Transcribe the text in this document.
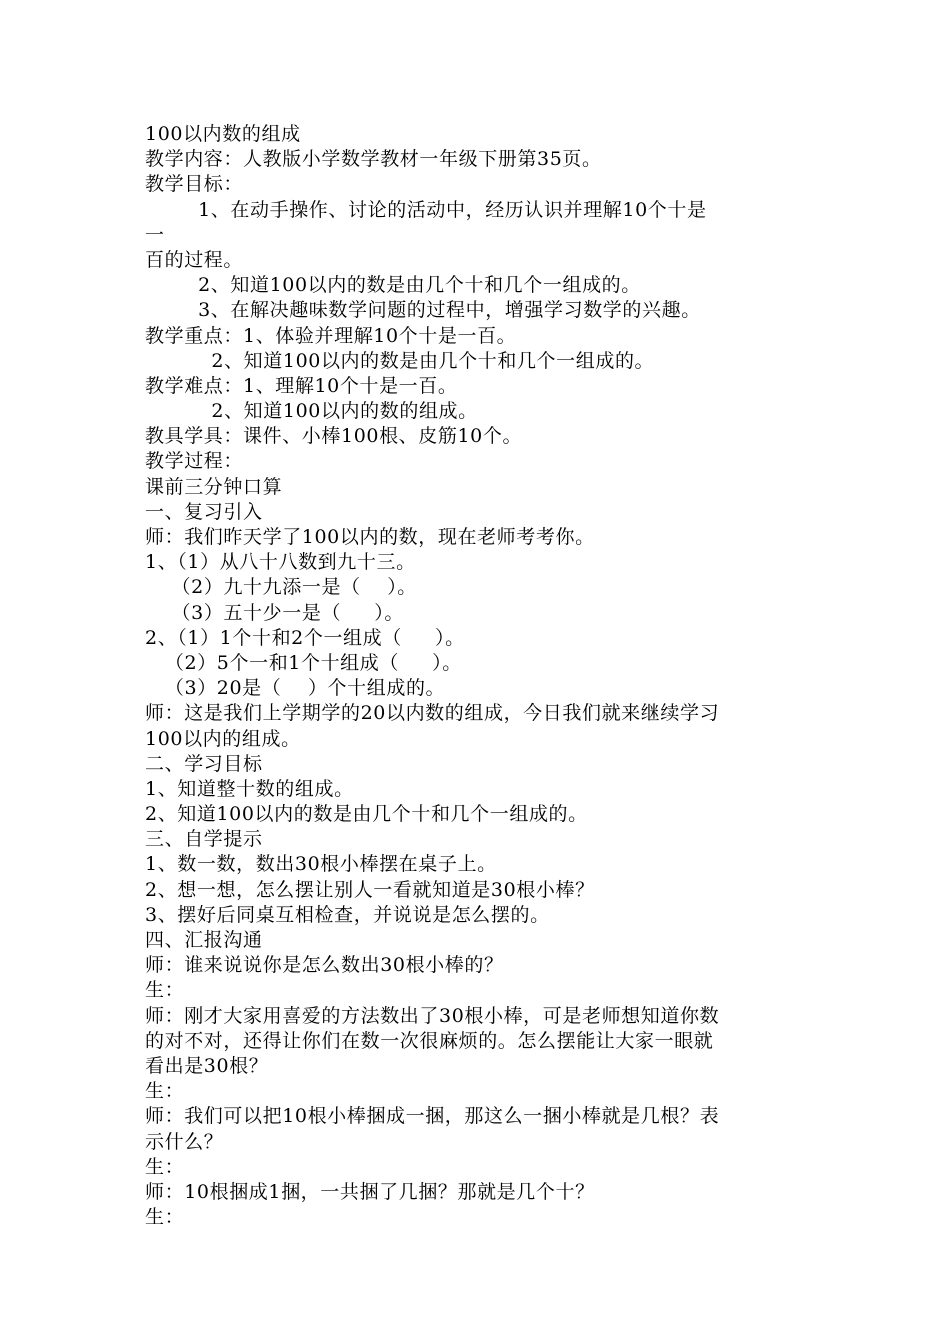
100以内数的组成
教学内容：人教版小学数学教材一年级下册第35页。
教学目标：
1、在动手操作、讨论的活动中，经历认识并理解10个十是
一
百的过程。
2、知道100以内的数是由几个十和几个一组成的。
3、在解决趣味数学问题的过程中，增强学习数学的兴趣。
教学重点：1、体验并理解10个十是一百。
2、知道100以内的数是由几个十和几个一组成的。
教学难点：1、理解10个十是一百。
2、知道100以内的数的组成。
教具学具：课件、小棒100根、皮筋10个。
教学过程：
课前三分钟口算
一、复习引入
师：我们昨天学了100以内的数，现在老师考考你。
1、（1）从八十八数到九十三。
（2）九十九添一是（    ）。
（3）五十少一是（     ）。
2、（1）1个十和2个一组成（     ）。
（2）5个一和1个十组成（     ）。
（3）20是（    ）个十组成的。
师：这是我们上学期学的20以内数的组成，今日我们就来继续学习
100以内的组成。
二、学习目标
1、知道整十数的组成。
2、知道100以内的数是由几个十和几个一组成的。
三、自学提示
1、数一数，数出30根小棒摆在桌子上。
2、想一想，怎么摆让别人一看就知道是30根小棒？
3、摆好后同桌互相检查，并说说是怎么摆的。
四、汇报沟通
师：谁来说说你是怎么数出30根小棒的？
生：
师：刚才大家用喜爱的方法数出了30根小棒，可是老师想知道你数
的对不对，还得让你们在数一次很麻烦的。怎么摆能让大家一眼就
看出是30根？
生：
师：我们可以把10根小棒捆成一捆，那这么一捆小棒就是几根？表
示什么？
生：
师：10根捆成1捆，一共捆了几捆？那就是几个十？
生：
